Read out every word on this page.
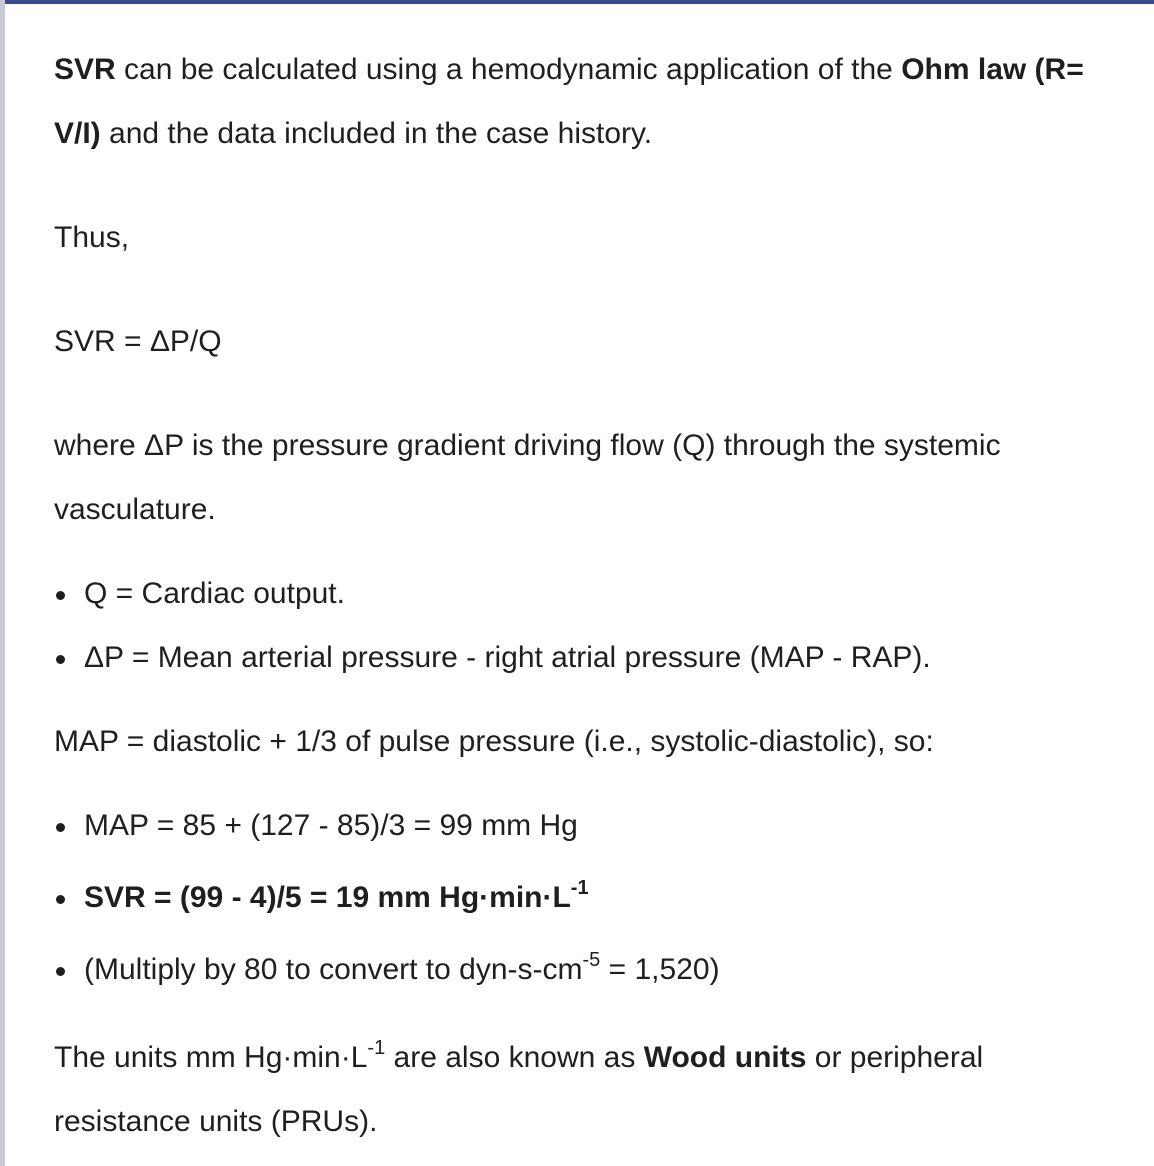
SVR can be calculated using a hemodynamic application of the Ohm law (R=
V/I) and the data included in the case history.
Thus,
SVR = ΔP/Q
where ΔP is the pressure gradient driving flow (Q) through the systemic
vasculature.
Q = Cardiac output.
ΔP = Mean arterial pressure - right atrial pressure (MAP - RAP).
MAP = diastolic + 1/3 of pulse pressure (i.e., systolic-diastolic), so:
MAP = 85 + (127 - 85)/3 = 99 mm Hg
SVR = (99 - 4)/5 = 19 mm $Hg\cdot\min\cdot L^{-1}$
(Multiply by 80 to convert to dyn-$s-cm^{-5} = 1,520$)
The units mm $Hg\cdot\min\cdot L^{-1}$ are also known as Wood units or peripheral
resistance units (PRUs).
